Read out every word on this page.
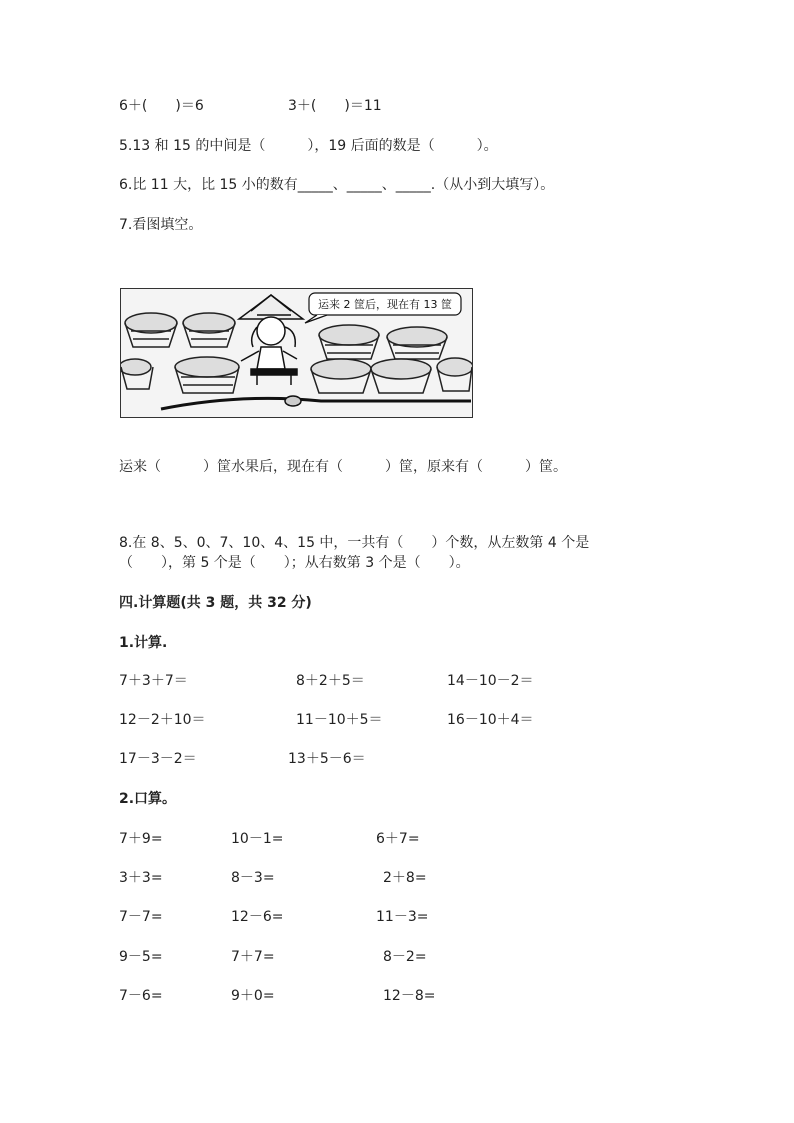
6＋(　　)＝6	3＋(　　)＝11
5.13 和 15 的中间是（　　　），19 后面的数是（　　　）。
6.比 11 大，比 15 小的数有_____、_____、_____.（从小到大填写）。
7.看图填空。
运来 2 筐后，现在有 13 筐
运来（　　　）筐水果后，现在有（　　　）筐，原来有（　　　）筐。
8.在 8、5、0、7、10、4、15 中，一共有（　　）个数，从左数第 4 个是
（　　），第 5 个是（　　）；从右数第 3 个是（　　）。
四.计算题(共 3 题，共 32 分)
1.计算.
7＋3＋7＝	8＋2＋5＝	14－10－2＝
12－2＋10＝	11－10＋5＝	16－10＋4＝
17－3－2＝	13＋5－6＝
2.口算。
7＋9=	10－1=	6＋7=
3＋3=	8－3=	2＋8=
7－7=	12－6=	11－3=
9－5=	7＋7=	8－2=
7－6=	9＋0=	12－8=
